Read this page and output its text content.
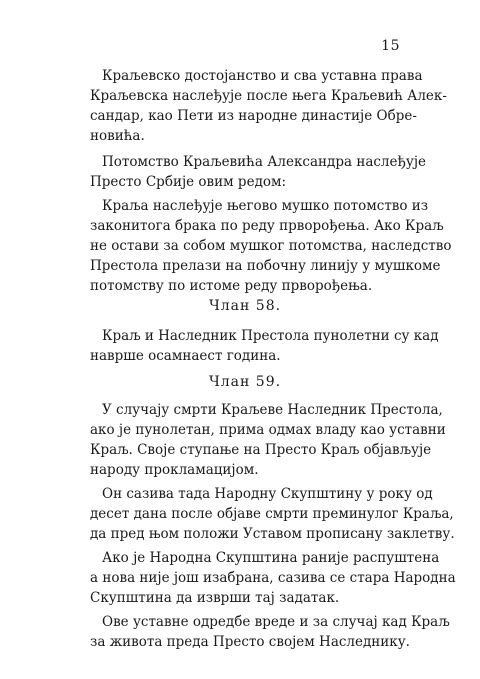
15
Краљевско достојанство и сва уставна права
Краљевска наслеђује после њега Краљевић Алек-
сандар, као Пети из народне династије Обре-
новића.
Потомство Краљевића Александра наслеђује
Престо Србије овим редом:
Краља наслеђује његово мушко потомство из
законитога брака по реду прворођења. Ако Краљ
не остави за собом мушког потомства, наследство
Престола прелази на побочну линију у мушкоме
потомству по истоме реду прворођења.
Члан 58.
Краљ и Наследник Престола пунолетни су кад
наврше осамнаест година.
Члан 59.
У случају смрти Краљеве Наследник Престола,
ако је пунолетан, прима одмах владу као уставни
Краљ. Своје ступање на Престо Краљ објављује
народу прокламацијом.
Он сазива тада Народну Скупштину у року од
десет дана после објаве смрти преминулог Краља,
да пред њом положи Уставом прописану заклетву.
Ако је Народна Скупштина раније распуштена
а нова није још изабрана, сазива се стара Народна
Скупштина да изврши тај задатак.
Ове уставне одредбе вреде и за случај кад Краљ
за живота преда Престо својем Наследнику.
